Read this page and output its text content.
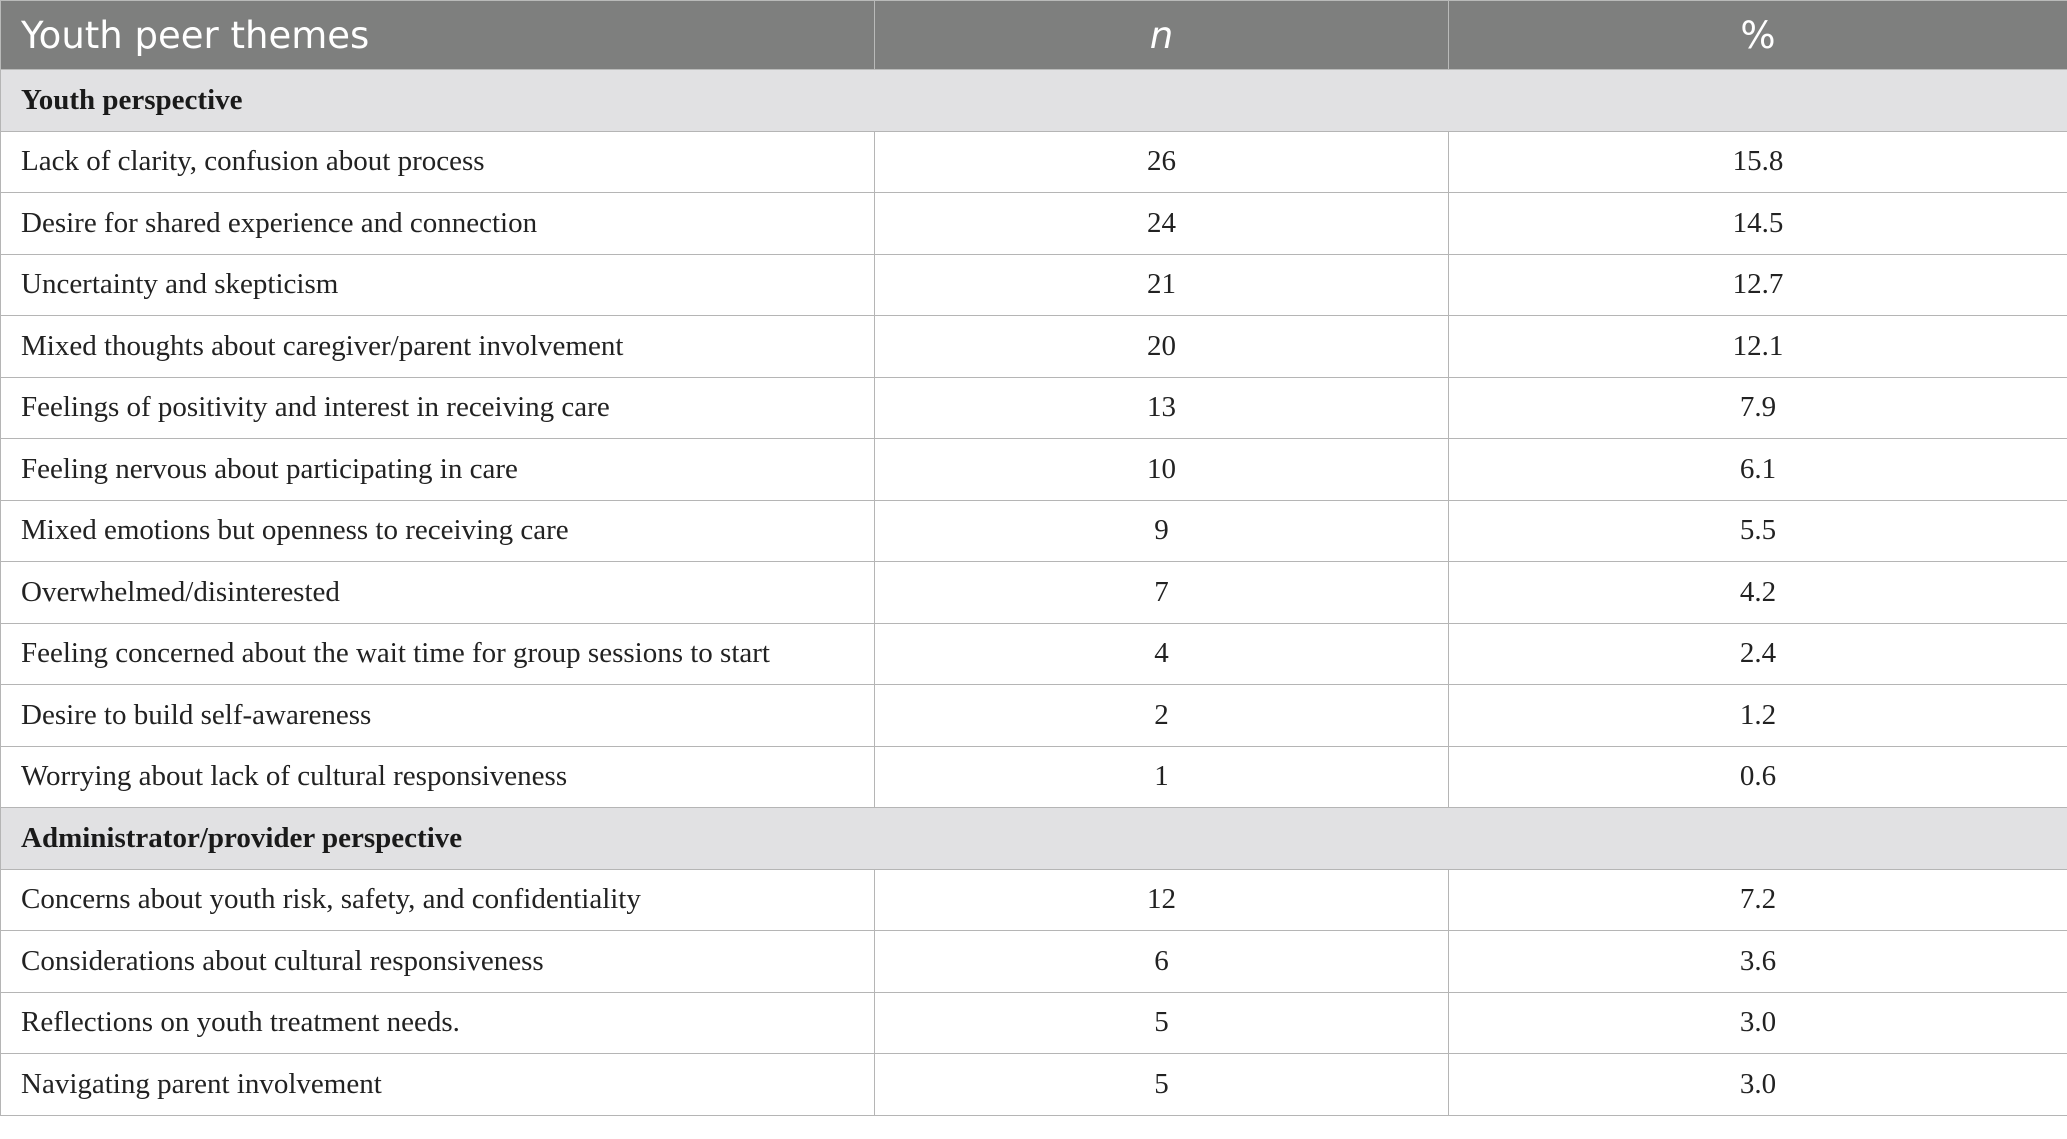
Youth peer themes	n	%
Youth perspective		
Lack of clarity, confusion about process	26	15.8
Desire for shared experience and connection	24	14.5
Uncertainty and skepticism	21	12.7
Mixed thoughts about caregiver/parent involvement	20	12.1
Feelings of positivity and interest in receiving care	13	7.9
Feeling nervous about participating in care	10	6.1
Mixed emotions but openness to receiving care	9	5.5
Overwhelmed/disinterested	7	4.2
Feeling concerned about the wait time for group sessions to start	4	2.4
Desire to build self-awareness	2	1.2
Worrying about lack of cultural responsiveness	1	0.6
Administrator/provider perspective		
Concerns about youth risk, safety, and confidentiality	12	7.2
Considerations about cultural responsiveness	6	3.6
Reflections on youth treatment needs.	5	3.0
Navigating parent involvement	5	3.0
